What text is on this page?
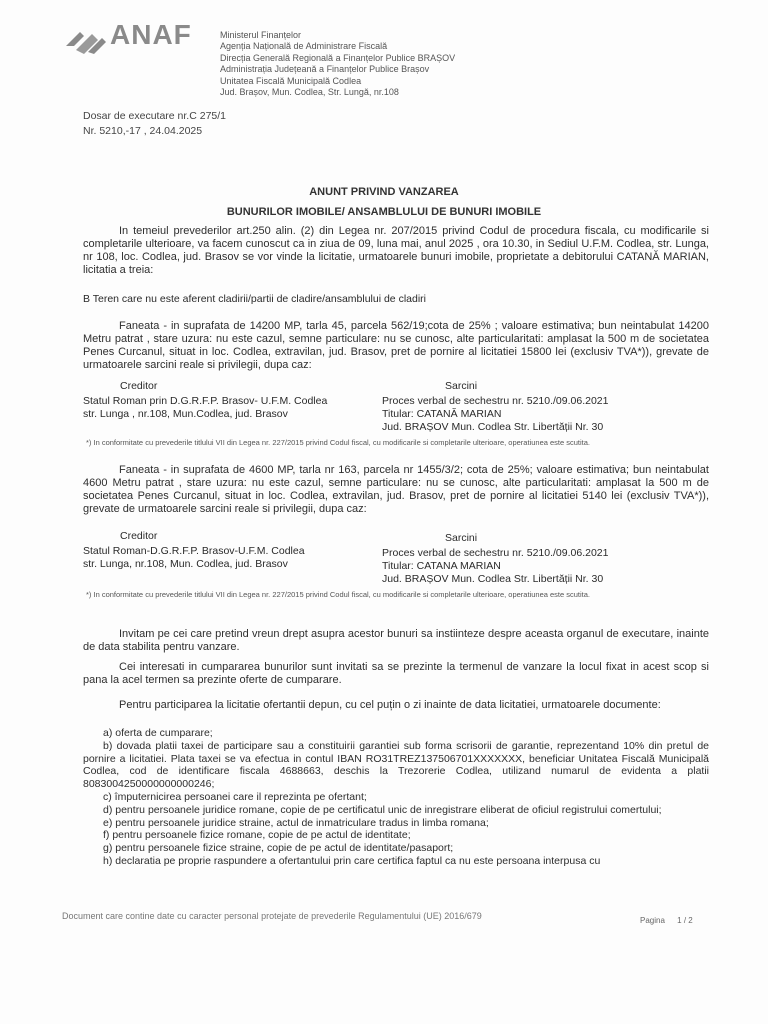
ANAF	Ministerul Finanțelor
Agenția Națională de Administrare Fiscală
Direcția Generală Regională a Finanțelor Publice BRAȘOV
Administrația Județeană a Finanțelor Publice Brașov
Unitatea Fiscală Municipală Codlea
Jud. Brașov, Mun. Codlea, Str. Lungă, nr.108
Dosar de executare nr.C 275/1
Nr. 5210,-17 , 24.04.2025
ANUNT PRIVIND VANZAREA
BUNURILOR IMOBILE/ ANSAMBLULUI DE BUNURI IMOBILE
In temeiul prevederilor art.250 alin. (2) din Legea nr. 207/2015 privind Codul de procedura fiscala, cu modificarile si completarile ulterioare, va facem cunoscut ca in ziua de 09, luna mai, anul 2025 , ora 10.30, in Sediul U.F.M. Codlea, str. Lunga, nr 108, loc. Codlea, jud. Brasov se vor vinde la licitatie, urmatoarele bunuri imobile, proprietate a debitorului CATANĂ MARIAN, licitatia a treia:
B Teren care nu este aferent cladirii/partii de cladire/ansamblului de cladiri
Faneata - in suprafata de 14200 MP, tarla 45, parcela 562/19;cota de 25% ; valoare estimativa; bun neintabulat 14200 Metru patrat , stare uzura: nu este cazul, semne particulare: nu se cunosc, alte particularitati: amplasat la 500 m de societatea Penes Curcanul, situat in loc. Codlea, extravilan, jud. Brasov, pret de pornire al licitatiei 15800 lei (exclusiv TVA*)), grevate de urmatoarele sarcini reale si privilegii, dupa caz:
Creditor	Sarcini
Statul Roman prin D.G.R.F.P. Brasov- U.F.M. Codlea
str. Lunga , nr.108, Mun.Codlea, jud. Brasov
Proces verbal de sechestru nr. 5210./09.06.2021
Titular: CATANĂ MARIAN
Jud. BRAȘOV Mun. Codlea Str. Libertății Nr. 30
*) In conformitate cu prevederile titlului VII din Legea nr. 227/2015 privind Codul fiscal, cu modificarile si completarile ulterioare, operatiunea este scutita.
Faneata - in suprafata de 4600 MP, tarla nr 163, parcela nr 1455/3/2; cota de 25%; valoare estimativa; bun neintabulat 4600 Metru patrat , stare uzura: nu este cazul, semne particulare: nu se cunosc, alte particularitati: amplasat la 500 m de societatea Penes Curcanul, situat in loc. Codlea, extravilan, jud. Brasov, pret de pornire al licitatiei 5140 lei (exclusiv TVA*)), grevate de urmatoarele sarcini reale si privilegii, dupa caz:
Creditor	Sarcini
Statul Roman-D.G.R.F.P. Brasov-U.F.M. Codlea
str. Lunga, nr.108, Mun. Codlea, jud. Brasov
Proces verbal de sechestru nr. 5210./09.06.2021
Titular: CATANA MARIAN
Jud. BRAȘOV Mun. Codlea Str. Libertății Nr. 30
*) In conformitate cu prevederile titlului VII din Legea nr. 227/2015 privind Codul fiscal, cu modificarile si completarile ulterioare, operatiunea este scutita.
Invitam pe cei care pretind vreun drept asupra acestor bunuri sa instiinteze despre aceasta organul de executare, inainte de data stabilita pentru vanzare.
Cei interesati in cumpararea bunurilor sunt invitati sa se prezinte la termenul de vanzare la locul fixat in acest scop si pana la acel termen sa prezinte oferte de cumparare.
Pentru participarea la licitatie ofertantii depun, cu cel puțin o zi inainte de data licitatiei, urmatoarele documente:
a) oferta de cumparare;
b) dovada platii taxei de participare sau a constituirii garantiei sub forma scrisorii de garantie, reprezentand 10% din pretul de pornire a licitatiei. Plata taxei se va efectua in contul IBAN RO31TREZ137506701XXXXXXX, beneficiar Unitatea Fiscală Municipală Codlea, cod de identificare fiscala 4688663, deschis la Trezorerie Codlea, utilizand numarul de evidenta a platii 8083004250000000000246;
c) împuternicirea persoanei care il reprezinta pe ofertant;
d) pentru persoanele juridice romane, copie de pe certificatul unic de inregistrare eliberat de oficiul registrului comertului;
e) pentru persoanele juridice straine, actul de inmatriculare tradus in limba romana;
f) pentru persoanele fizice romane, copie de pe actul de identitate;
g) pentru persoanele fizice straine, copie de pe actul de identitate/pasaport;
h) declaratia pe proprie raspundere a ofertantului prin care certifica faptul ca nu este persoana interpusa cu
Document care contine date cu caracter personal protejate de prevederile Regulamentului (UE) 2016/679	Pagina 1 / 2
